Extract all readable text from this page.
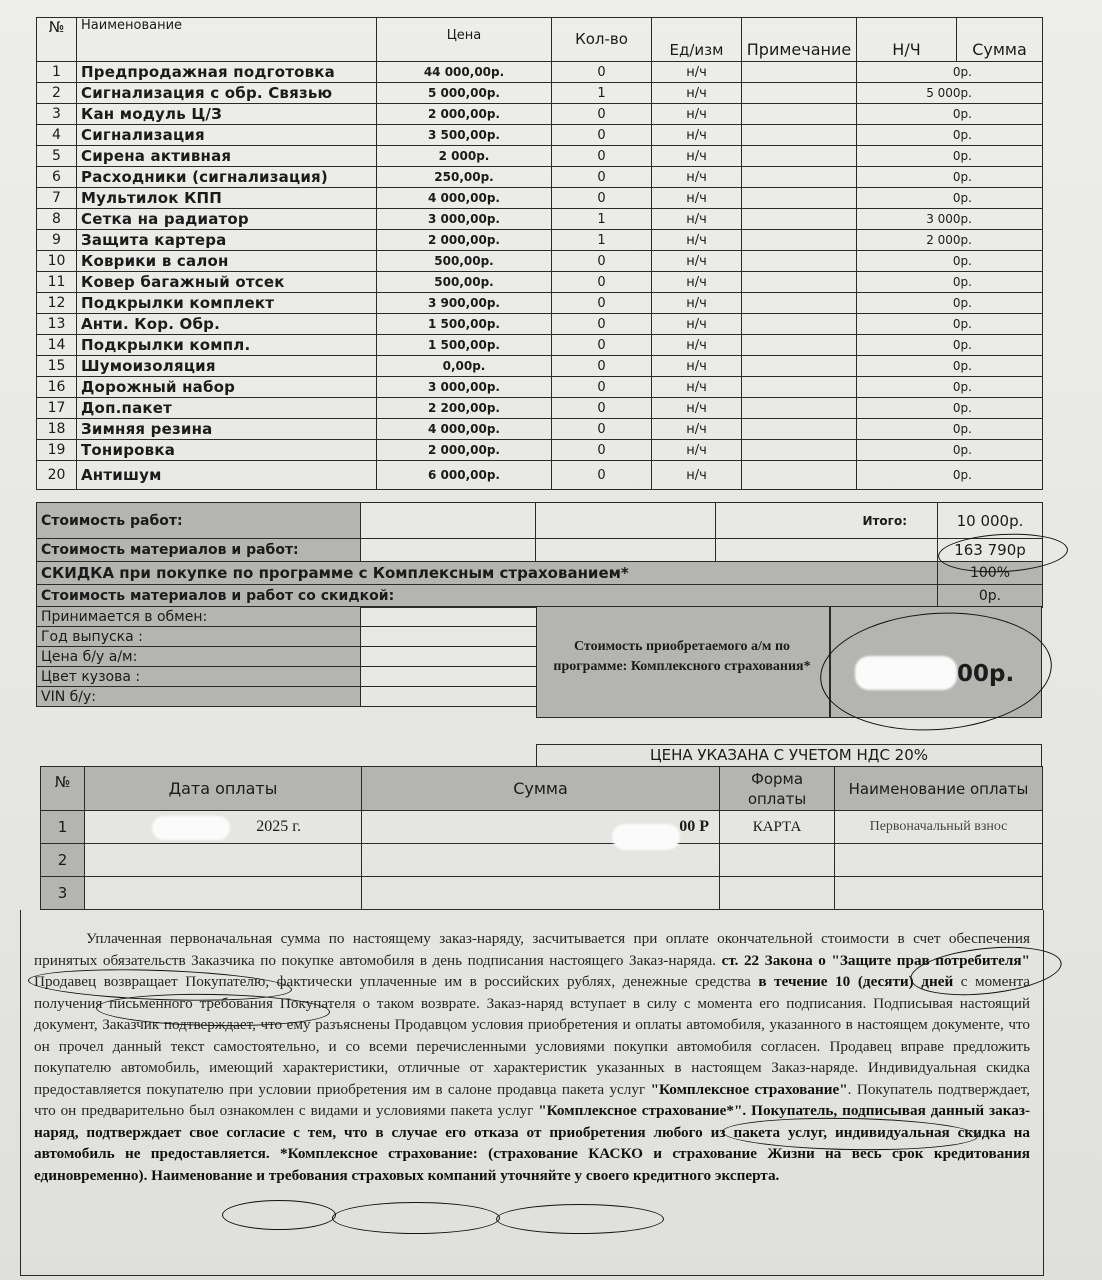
№	Наименование	Цена	Кол-во	Ед/изм	Примечание	Н/Ч	Сумма
1	Предпродажная подготовка	44 000,00р.	0	н/ч		0р.	
2	Сигнализация с обр. Связью	5 000,00р.	1	н/ч		5 000р.	
3	Кан модуль Ц/З	2 000,00р.	0	н/ч		0р.	
4	Сигнализация	3 500,00р.	0	н/ч		0р.	
5	Сирена активная	2 000р.	0	н/ч		0р.	
6	Расходники (сигнализация)	250,00р.	0	н/ч		0р.	
7	Мультилок КПП	4 000,00р.	0	н/ч		0р.	
8	Сетка на радиатор	3 000,00р.	1	н/ч		3 000р.	
9	Защита картера	2 000,00р.	1	н/ч		2 000р.	
10	Коврики в салон	500,00р.	0	н/ч		0р.	
11	Ковер багажный отсек	500,00р.	0	н/ч		0р.	
12	Подкрылки комплект	3 900,00р.	0	н/ч		0р.	
13	Анти. Кор. Обр.	1 500,00р.	0	н/ч		0р.	
14	Подкрылки компл.	1 500,00р.	0	н/ч		0р.	
15	Шумоизоляция	0,00р.	0	н/ч		0р.	
16	Дорожный набор	3 000,00р.	0	н/ч		0р.	
17	Доп.пакет	2 200,00р.	0	н/ч		0р.	
18	Зимняя резина	4 000,00р.	0	н/ч		0р.	
19	Тонировка	2 000,00р.	0	н/ч		0р.	
20	Антишум	6 000,00р.	0	н/ч		0р.	
Стоимость работ:			Итого:	10 000р.
Стоимость материалов и работ:				163 790р
СКИДКА при покупке по программе с Комплексным страхованием*				100%
Стоимость материалов и работ со скидкой:				0р.
Принимается в обмен:	
Год выпуска :	
Цена б/у а/м:	
Цвет кузова :	
VIN б/у:	
Стоимость приобретаемого а/м по программе: Комплексного страхования*	00р.
ЦЕНА УКАЗАНА С УЧЕТОМ НДС 20%
№	Дата оплаты	Сумма	Форма оплаты	Наименование оплаты
1	2025 г.	00 Р	КАРТА	Первоначальный взнос
2				
3				
Уплаченная первоначальная сумма по настоящему заказ-наряду, засчитывается при оплате окончательной стоимости в счет обеспечения принятых обязательств Заказчика по покупке автомобиля в день подписания настоящего Заказ-наряда. ст. 22 Закона о "Защите прав потребителя" Продавец возвращает Покупателю, фактически уплаченные им в российских рублях, денежные средства в течение 10 (десяти) дней с момента получения письменного требования Покупателя о таком возврате. Заказ-наряд вступает в силу с момента его подписания. Подписывая настоящий документ, Заказчик подтверждает, что ему разъяснены Продавцом условия приобретения и оплаты автомобиля, указанного в настоящем документе, что он прочел данный текст самостоятельно, и со всеми перечисленными условиями покупки автомобиля согласен. Продавец вправе предложить покупателю автомобиль, имеющий характеристики, отличные от характеристик указанных в настоящем Заказ-наряде. Индивидуальная скидка предоставляется покупателю при условии приобретения им в салоне продавца пакета услуг "Комплексное страхование". Покупатель подтверждает, что он предварительно был ознакомлен с видами и условиями пакета услуг "Комплексное страхование*". Покупатель, подписывая данный заказ-наряд, подтверждает свое согласие с тем, что в случае его отказа от приобретения любого из пакета услуг, индивидуальная скидка на автомобиль не предоставляется. *Комплексное страхование: (страхование КАСКО и страхование Жизни на весь срок кредитования единовременно). Наименование и требования страховых компаний уточняйте у своего кредитного эксперта.
